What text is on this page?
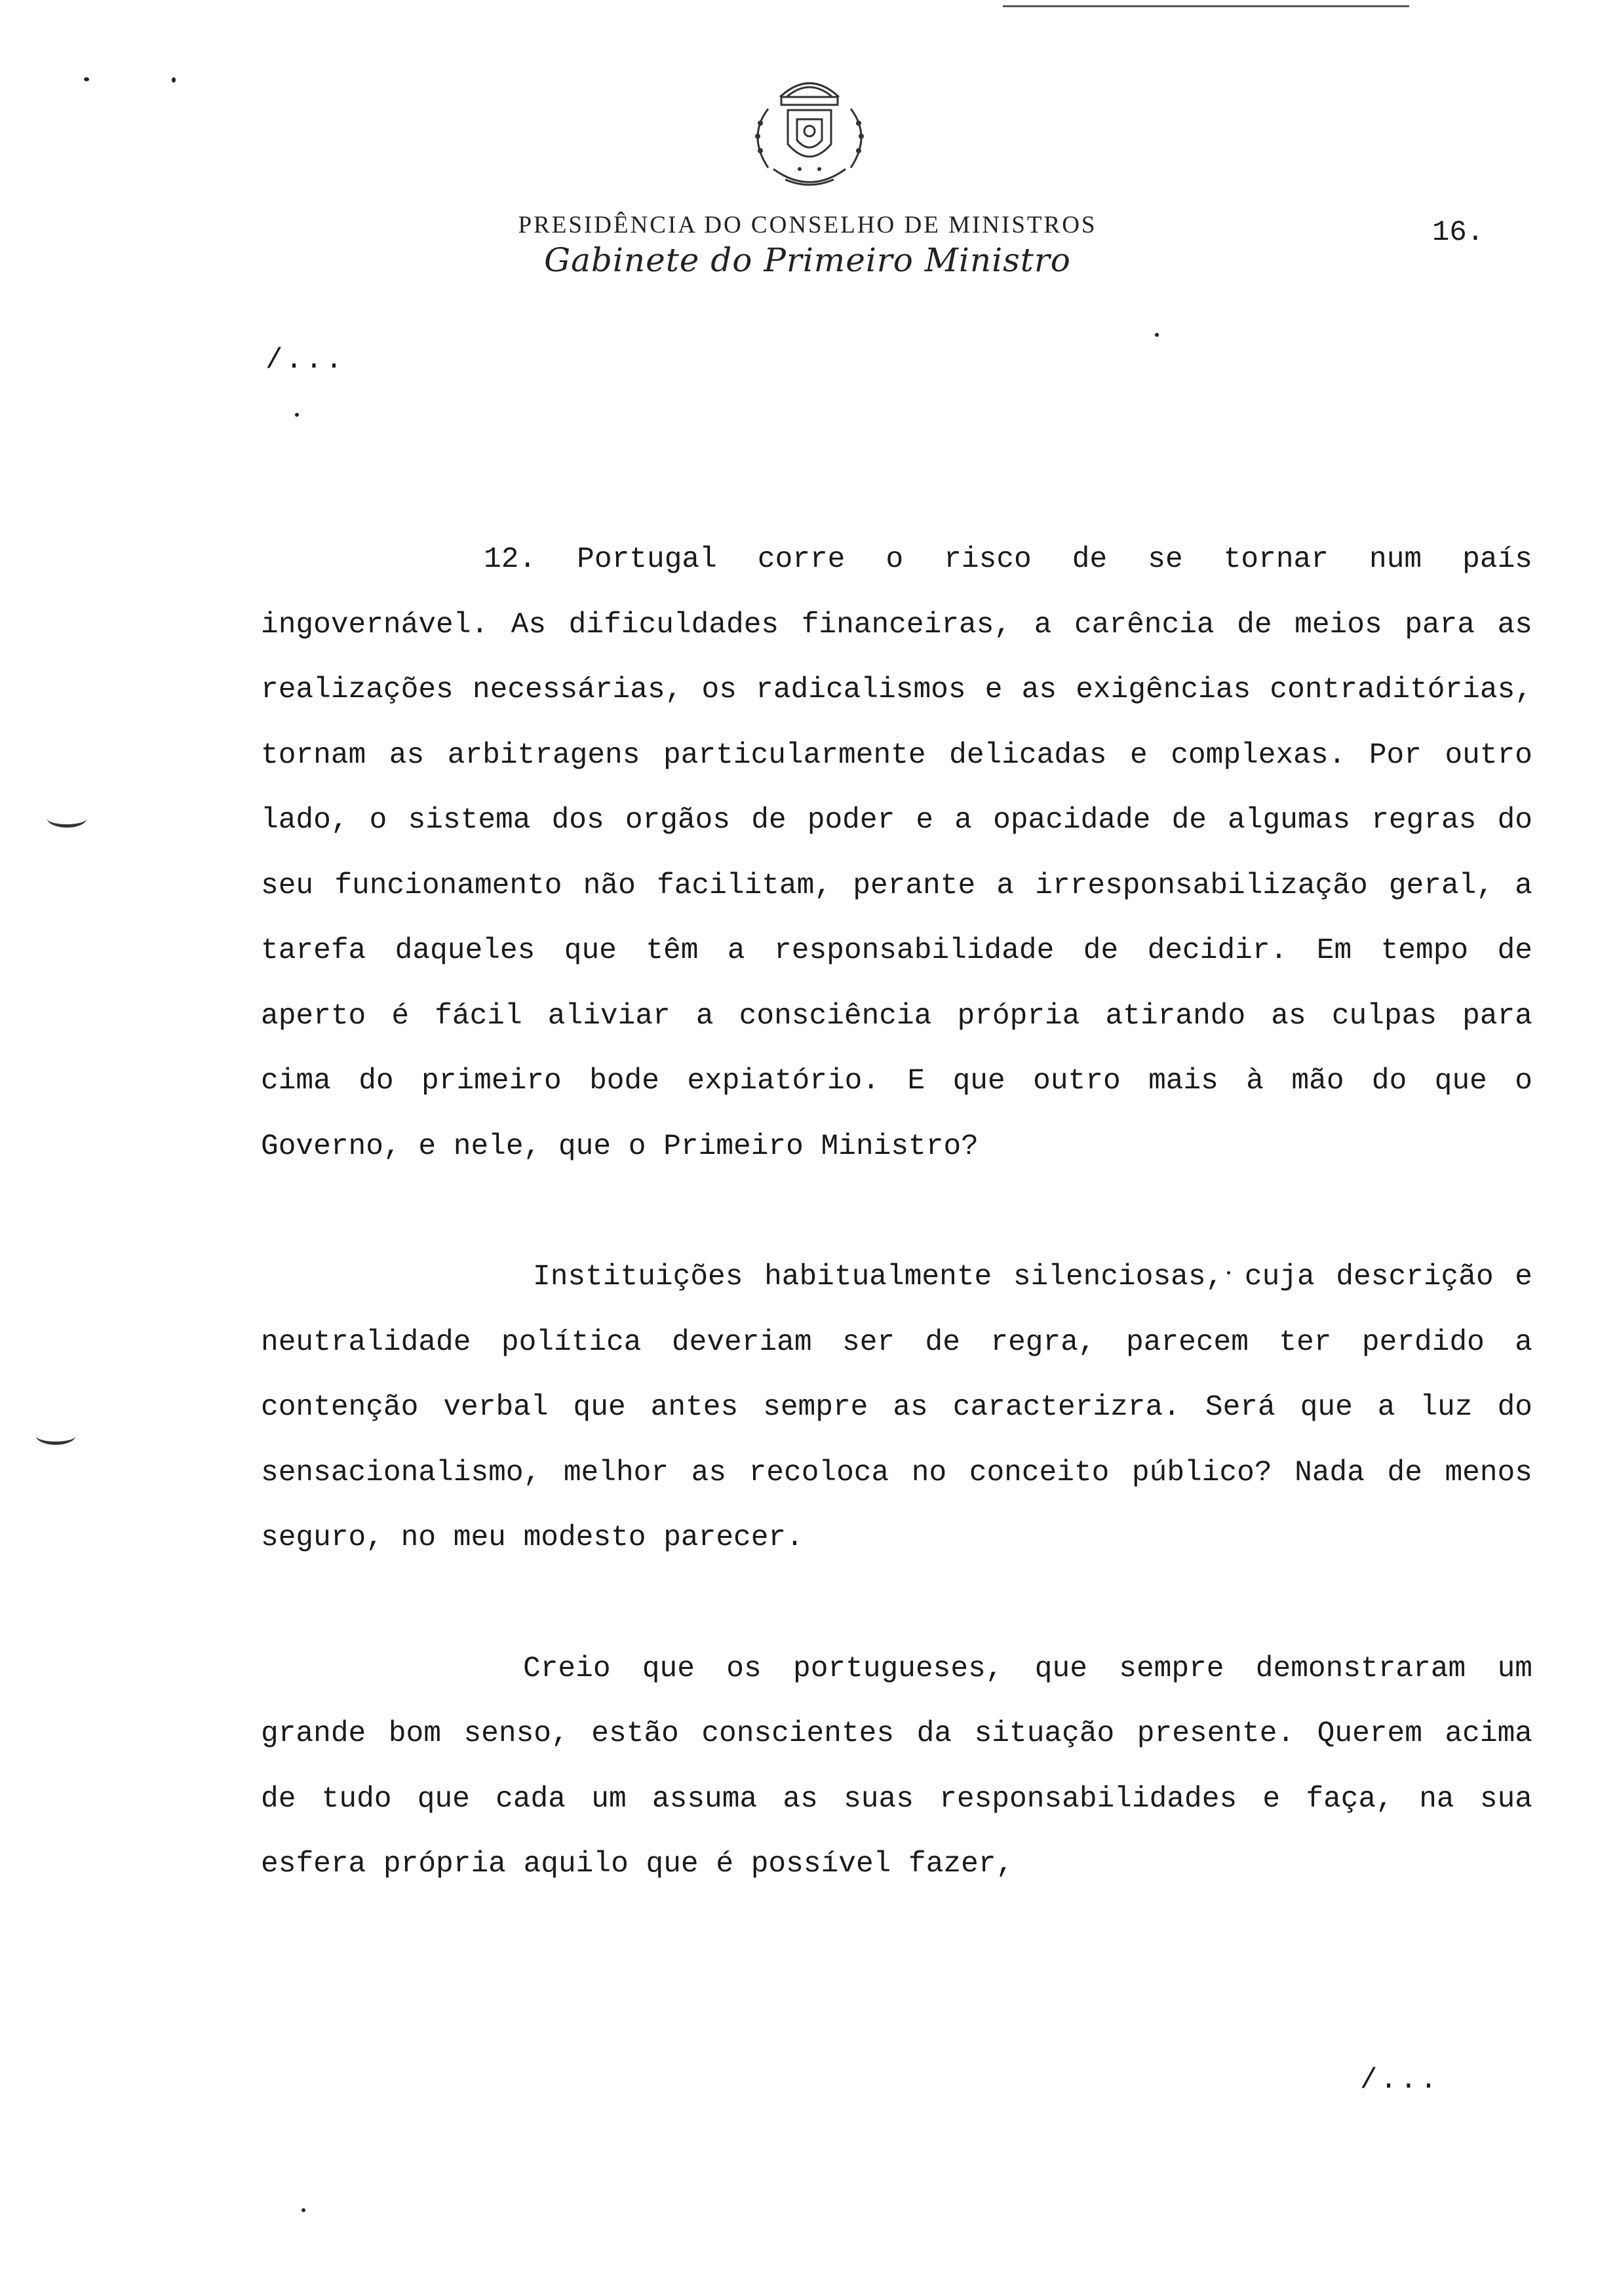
PRESIDÊNCIA DO CONSELHO DE MINISTROS
Gabinete do Primeiro Ministro
16.
/...

12. Portugal corre o risco de se tornar num país ingovernável. As dificuldades financeiras, a carência de meios para as realizações necessárias, os radicalismos e as exigências contraditórias, tornam as arbitragens particularmente delicadas e complexas. Por outro lado, o sistema dos orgãos de poder e a opacidade de algumas regras do seu funcionamento não facilitam, perante a irresponsabilização geral, a tarefa daqueles que têm a responsabilidade de decidir. Em tempo de aperto é fácil aliviar a consciência própria atirando as culpas para cima do primeiro bode expiatório. E que outro mais à mão do que o Governo, e nele, que o Primeiro Ministro?

Instituições habitualmente silenciosas, cuja descrição e neutralidade política deveriam ser de regra, parecem ter perdido a contenção verbal que antes sempre as caracterizra. Será que a luz do sensacionalismo, melhor as recoloca no conceito público? Nada de menos seguro, no meu modesto parecer.

Creio que os portugueses, que sempre demonstraram um grande bom senso, estão conscientes da situação presente. Querem acima de tudo que cada um assuma as suas responsabilidades e faça, na sua esfera própria aquilo que é possível fazer,

/...
